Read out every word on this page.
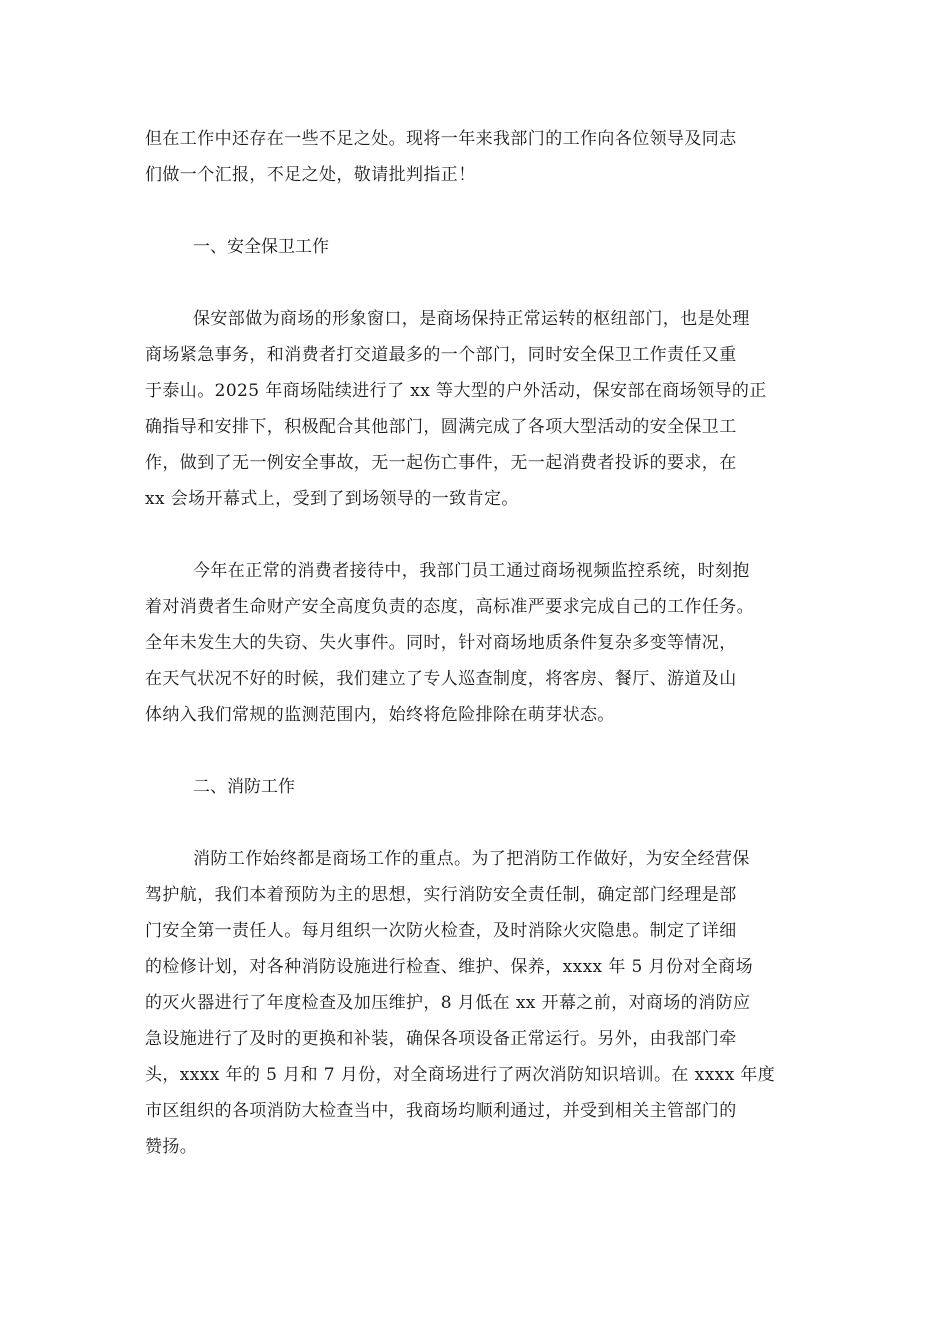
但在工作中还存在一些不足之处。现将一年来我部门的工作向各位领导及同志
们做一个汇报，不足之处，敬请批判指正！
一、安全保卫工作
保安部做为商场的形象窗口，是商场保持正常运转的枢纽部门，也是处理
商场紧急事务，和消费者打交道最多的一个部门，同时安全保卫工作责任又重
于泰山。2025 年商场陆续进行了 xx 等大型的户外活动，保安部在商场领导的正
确指导和安排下，积极配合其他部门，圆满完成了各项大型活动的安全保卫工
作，做到了无一例安全事故，无一起伤亡事件，无一起消费者投诉的要求，在
xx 会场开幕式上，受到了到场领导的一致肯定。
今年在正常的消费者接待中，我部门员工通过商场视频监控系统，时刻抱
着对消费者生命财产安全高度负责的态度，高标准严要求完成自己的工作任务。
全年未发生大的失窃、失火事件。同时，针对商场地质条件复杂多变等情况，
在天气状况不好的时候，我们建立了专人巡查制度，将客房、餐厅、游道及山
体纳入我们常规的监测范围内，始终将危险排除在萌芽状态。
二、消防工作
消防工作始终都是商场工作的重点。为了把消防工作做好，为安全经营保
驾护航，我们本着预防为主的思想，实行消防安全责任制，确定部门经理是部
门安全第一责任人。每月组织一次防火检查，及时消除火灾隐患。制定了详细
的检修计划，对各种消防设施进行检查、维护、保养，xxxx 年 5 月份对全商场
的灭火器进行了年度检查及加压维护，8 月低在 xx 开幕之前，对商场的消防应
急设施进行了及时的更换和补装，确保各项设备正常运行。另外，由我部门牵
头，xxxx 年的 5 月和 7 月份，对全商场进行了两次消防知识培训。在 xxxx 年度
市区组织的各项消防大检查当中，我商场均顺利通过，并受到相关主管部门的
赞扬。
